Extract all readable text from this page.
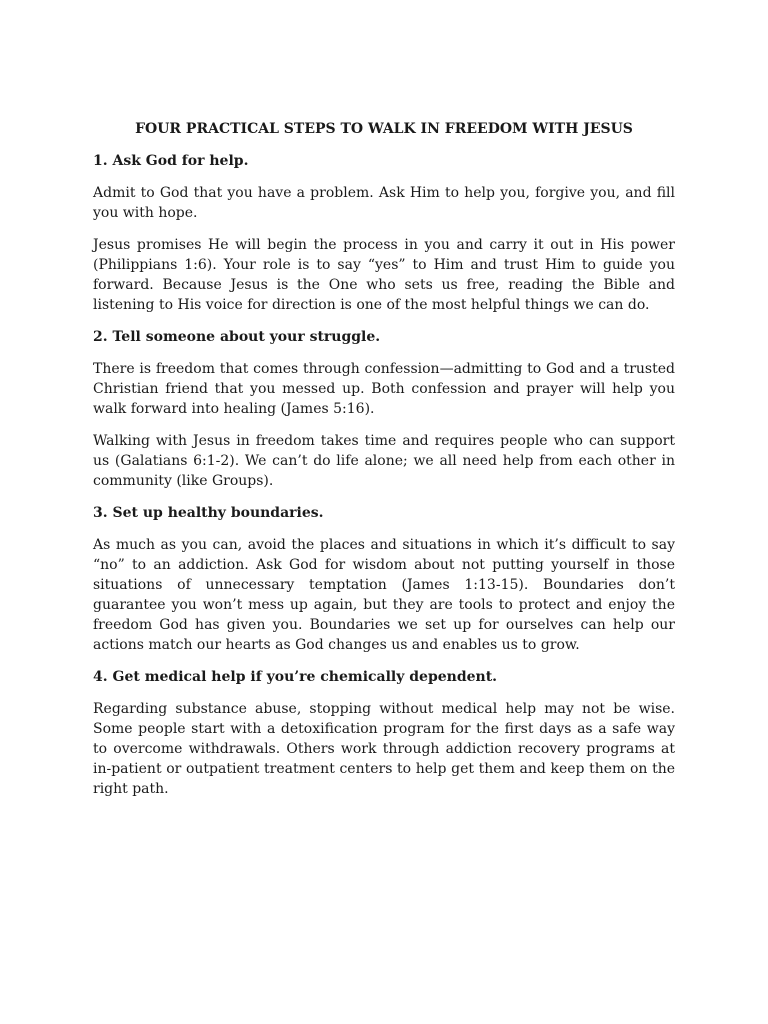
FOUR PRACTICAL STEPS TO WALK IN FREEDOM WITH JESUS
1. Ask God for help.

Admit to God that you have a problem. Ask Him to help you, forgive you, and fill you with hope.

Jesus promises He will begin the process in you and carry it out in His power (Philippians 1:6). Your role is to say “yes” to Him and trust Him to guide you forward. Because Jesus is the One who sets us free, reading the Bible and listening to His voice for direction is one of the most helpful things we can do.

2. Tell someone about your struggle.

There is freedom that comes through confession—admitting to God and a trusted Christian friend that you messed up. Both confession and prayer will help you walk forward into healing (James 5:16).

Walking with Jesus in freedom takes time and requires people who can support us (Galatians 6:1-2). We can’t do life alone; we all need help from each other in community (like Groups).

3. Set up healthy boundaries.

As much as you can, avoid the places and situations in which it’s difficult to say “no” to an addiction. Ask God for wisdom about not putting yourself in those situations of unnecessary temptation (James 1:13-15). Boundaries don’t guarantee you won’t mess up again, but they are tools to protect and enjoy the freedom God has given you. Boundaries we set up for ourselves can help our actions match our hearts as God changes us and enables us to grow.

4. Get medical help if you’re chemically dependent.

Regarding substance abuse, stopping without medical help may not be wise. Some people start with a detoxification program for the first days as a safe way to overcome withdrawals. Others work through addiction recovery programs at in-patient or outpatient treatment centers to help get them and keep them on the right path.
